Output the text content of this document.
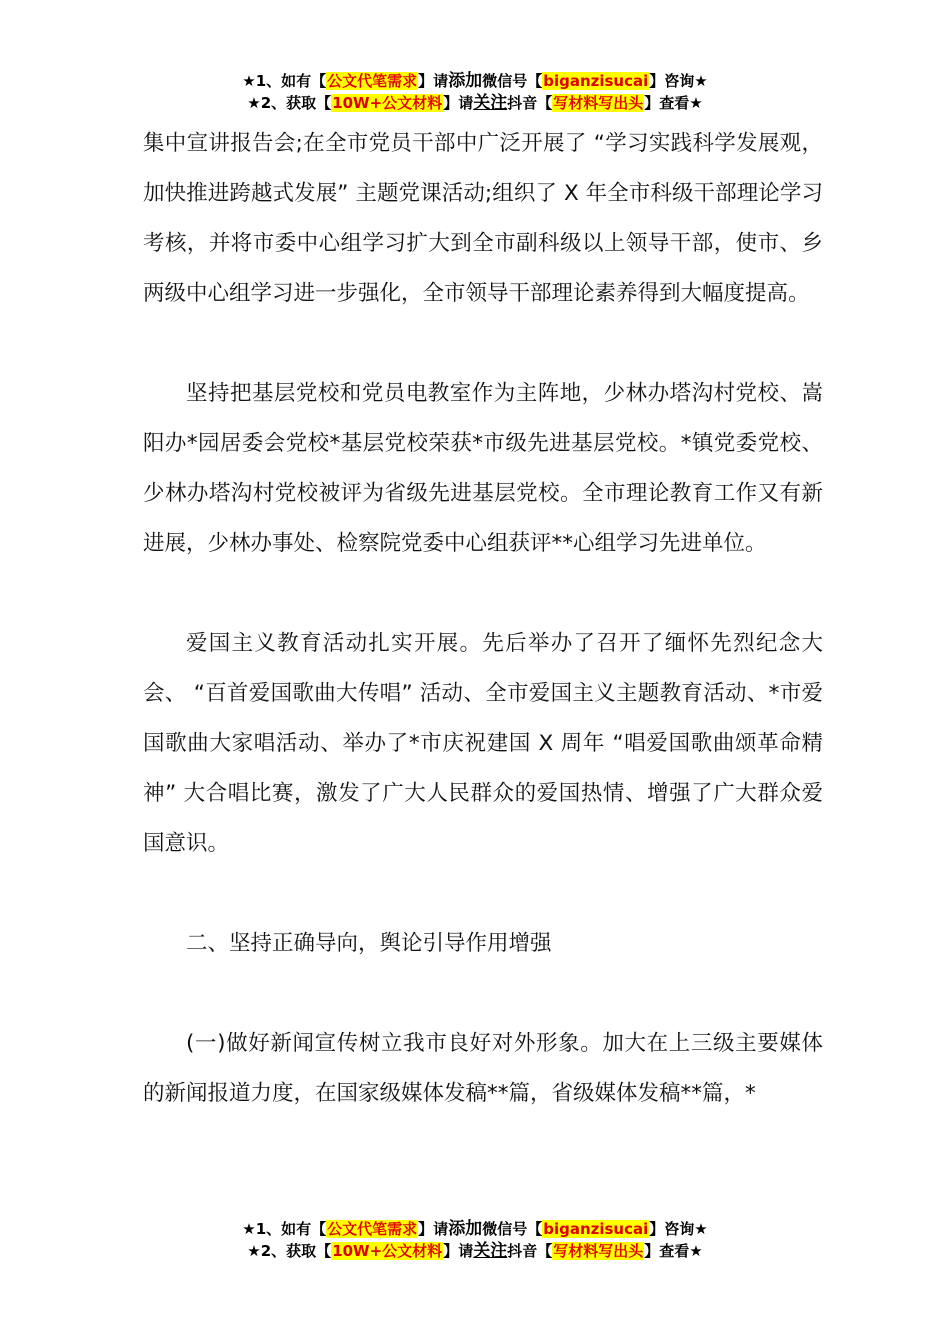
★1、如有【公文代笔需求】请添加微信号【biganzisucai】咨询★
★2、获取【10W+公文材料】请关注抖音【写材料写出头】查看★

集中宣讲报告会;在全市党员干部中广泛开展了 “学习实践科学发展观，加快推进跨越式发展” 主题党课活动;组织了 X 年全市科级干部理论学习考核，并将市委中心组学习扩大到全市副科级以上领导干部，使市、乡两级中心组学习进一步强化，全市领导干部理论素养得到大幅度提高。

坚持把基层党校和党员电教室作为主阵地，少林办塔沟村党校、嵩阳办*园居委会党校*基层党校荣获*市级先进基层党校。*镇党委党校、少林办塔沟村党校被评为省级先进基层党校。全市理论教育工作又有新进展，少林办事处、检察院党委中心组获评**心组学习先进单位。

爱国主义教育活动扎实开展。先后举办了召开了缅怀先烈纪念大会、 “百首爱国歌曲大传唱” 活动、全市爱国主义主题教育活动、*市爱国歌曲大家唱活动、举办了*市庆祝建国 X 周年 “唱爱国歌曲颂革命精神” 大合唱比赛，激发了广大人民群众的爱国热情、增强了广大群众爱国意识。

二、坚持正确导向，舆论引导作用增强

(一)做好新闻宣传树立我市良好对外形象。加大在上三级主要媒体的新闻报道力度，在国家级媒体发稿**篇，省级媒体发稿**篇，*

★1、如有【公文代笔需求】请添加微信号【biganzisucai】咨询★
★2、获取【10W+公文材料】请关注抖音【写材料写出头】查看★
